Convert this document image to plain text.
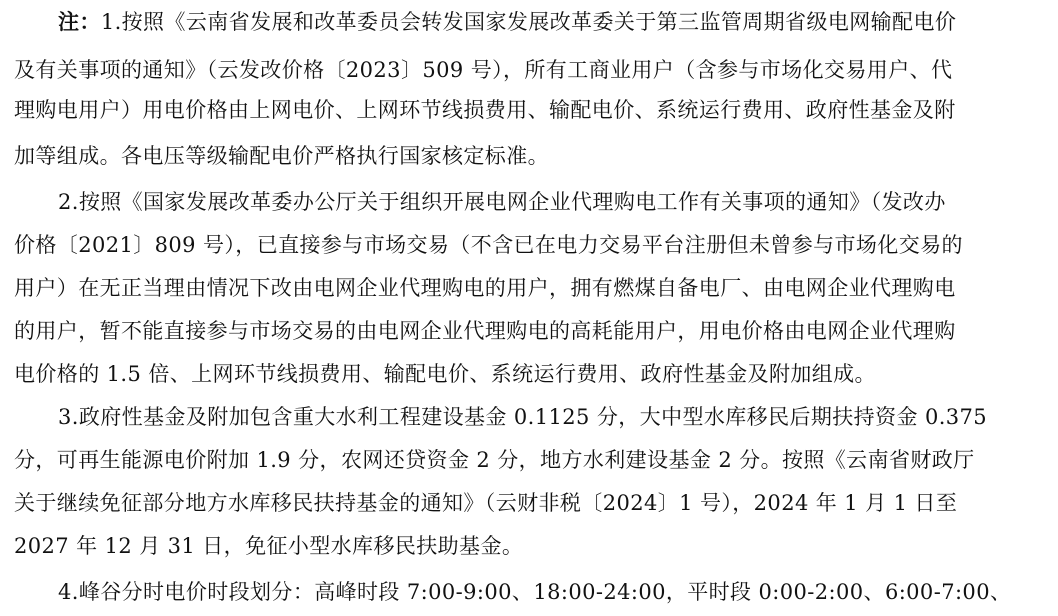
注：1.按照《云南省发展和改革委员会转发国家发展改革委关于第三监管周期省级电网输配电价
及有关事项的通知》（云发改价格〔2023〕509 号），所有工商业用户（含参与市场化交易用户、代
理购电用户）用电价格由上网电价、上网环节线损费用、输配电价、系统运行费用、政府性基金及附
加等组成。各电压等级输配电价严格执行国家核定标准。
2.按照《国家发展改革委办公厅关于组织开展电网企业代理购电工作有关事项的通知》（发改办
价格〔2021〕809 号），已直接参与市场交易（不含已在电力交易平台注册但未曾参与市场化交易的
用户）在无正当理由情况下改由电网企业代理购电的用户，拥有燃煤自备电厂、由电网企业代理购电
的用户，暂不能直接参与市场交易的由电网企业代理购电的高耗能用户，用电价格由电网企业代理购
电价格的 1.5 倍、上网环节线损费用、输配电价、系统运行费用、政府性基金及附加组成。
3.政府性基金及附加包含重大水利工程建设基金 0.1125 分，大中型水库移民后期扶持资金 0.375
分，可再生能源电价附加 1.9 分，农网还贷资金 2 分，地方水利建设基金 2 分。按照《云南省财政厅
关于继续免征部分地方水库移民扶持基金的通知》（云财非税〔2024〕1 号），2024 年 1 月 1 日至
2027 年 12 月 31 日，免征小型水库移民扶助基金。
4.峰谷分时电价时段划分：高峰时段 7:00-9:00、18:00-24:00，平时段 0:00-2:00、6:00-7:00、
